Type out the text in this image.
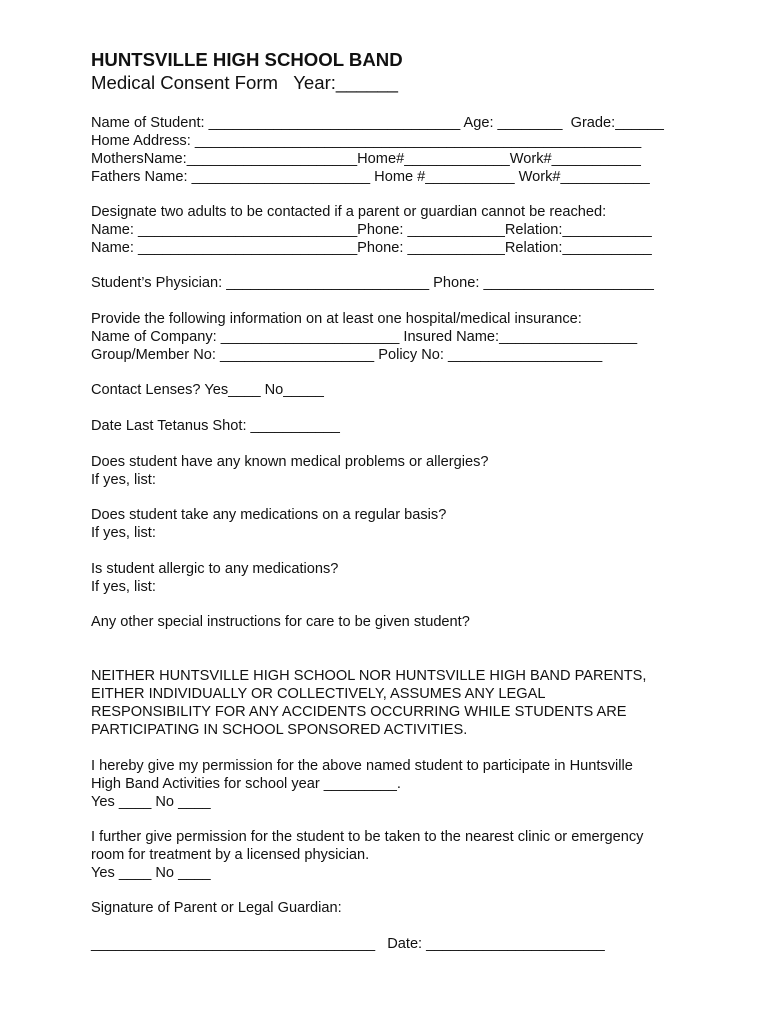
HUNTSVILLE HIGH SCHOOL BAND

Medical Consent Form   Year:______

Name of Student: _______________________________ Age: ________  Grade:______

Home Address: _______________________________________________________

MothersName:_____________________Home#_____________Work#___________

Fathers Name: ______________________ Home #___________ Work#___________

Designate two adults to be contacted if a parent or guardian cannot be reached:

Name: ___________________________Phone: ____________Relation:___________

Name: ___________________________Phone: ____________Relation:___________

Student’s Physician: _________________________ Phone: _____________________

Provide the following information on at least one hospital/medical insurance:

Name of Company: ______________________ Insured Name:_________________

Group/Member No: ___________________ Policy No: ___________________

Contact Lenses? Yes____ No_____

Date Last Tetanus Shot: ___________

Does student have any known medical problems or allergies?

If yes, list:

Does student take any medications on a regular basis?

If yes, list:

Is student allergic to any medications?

If yes, list:

Any other special instructions for care to be given student?

NEITHER HUNTSVILLE HIGH SCHOOL NOR HUNTSVILLE HIGH BAND PARENTS,

EITHER INDIVIDUALLY OR COLLECTIVELY, ASSUMES ANY LEGAL

RESPONSIBILITY FOR ANY ACCIDENTS OCCURRING WHILE STUDENTS ARE

PARTICIPATING IN SCHOOL SPONSORED ACTIVITIES.

I hereby give my permission for the above named student to participate in Huntsville

High Band Activities for school year _________.

Yes ____ No ____

I further give permission for the student to be taken to the nearest clinic or emergency

room for treatment by a licensed physician.

Yes ____ No ____

Signature of Parent or Legal Guardian:

___________________________________   Date: ______________________
